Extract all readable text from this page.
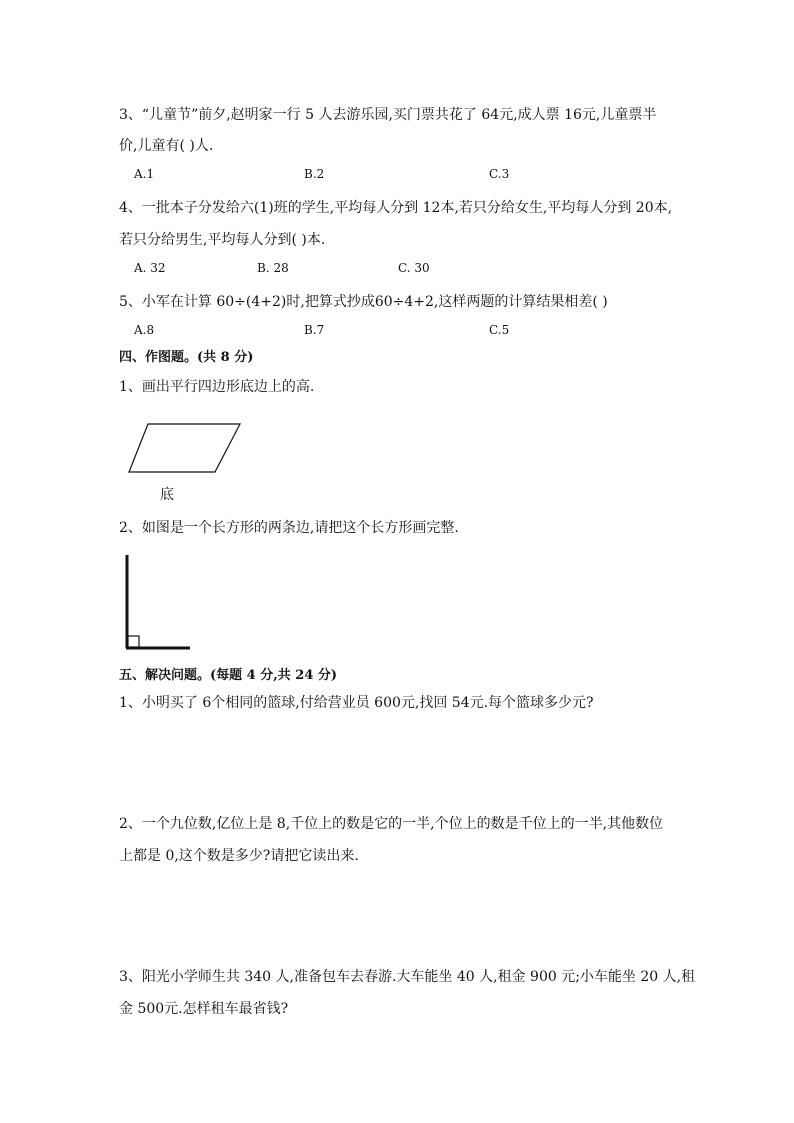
3、“儿童节”前夕,赵明家一行 5 人去游乐园,买门票共花了 64元,成人票 16元,儿童票半
价,儿童有( )人.
A.1	B.2	C.3
4、一批本子分发给六(1)班的学生,平均每人分到 12本,若只分给女生,平均每人分到 20本,
若只分给男生,平均每人分到( )本.
A. 32	B. 28	C. 30
5、小军在计算 60÷(4+2)时,把算式抄成60÷4+2,这样两题的计算结果相差( )
A.8	B.7	C.5
四、作图题。(共 8 分)
1、画出平行四边形底边上的高.
底
2、如图是一个长方形的两条边,请把这个长方形画完整.
五、解决问题。(每题 4 分,共 24 分)
1、小明买了 6个相同的篮球,付给营业员 600元,找回 54元.每个篮球多少元?
2、一个九位数,亿位上是 8,千位上的数是它的一半,个位上的数是千位上的一半,其他数位
上都是 0,这个数是多少?请把它读出来.
3、阳光小学师生共 340 人,准备包车去春游.大车能坐 40 人,租金 900 元;小车能坐 20 人,租
金 500元.怎样租车最省钱?
